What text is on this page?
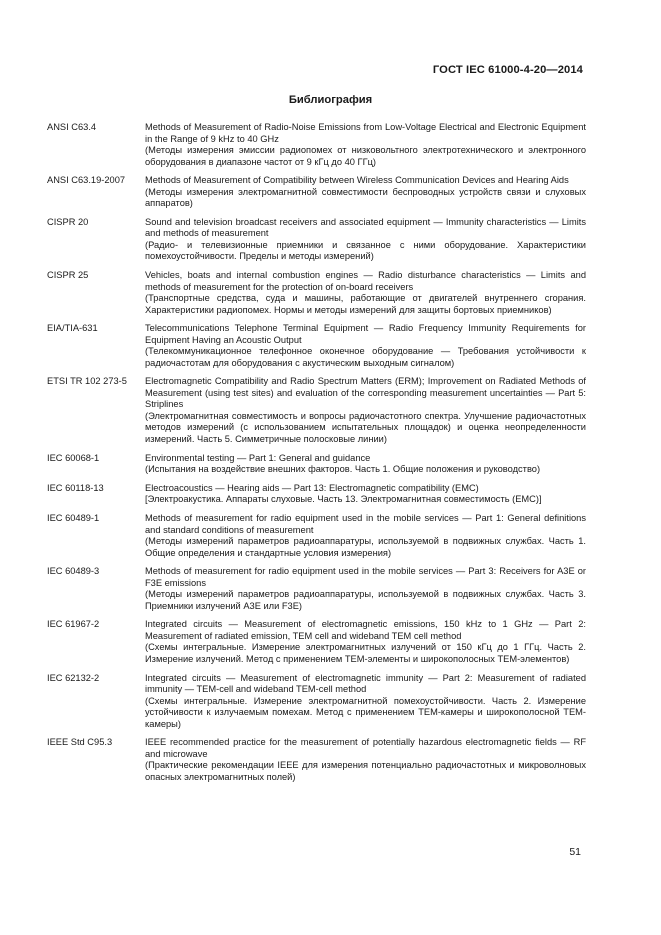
ГОСТ IEC 61000-4-20—2014
Библиография
ANSI C63.4	Methods of Measurement of Radio-Noise Emissions from Low-Voltage Electrical and Electronic Equipment in the Range of 9 kHz to 40 GHz
(Методы измерения эмиссии радиопомех от низковольтного электротехнического и электронного оборудования в диапазоне частот от 9 кГц до 40 ГГц)
ANSI C63.19-2007	Methods of Measurement of Compatibility between Wireless Communication Devices and Hearing Aids
(Методы измерения электромагнитной совместимости беспроводных устройств связи и слуховых аппаратов)
CISPR 20	Sound and television broadcast receivers and associated equipment — Immunity characteristics — Limits and methods of measurement
(Радио- и телевизионные приемники и связанное с ними оборудование. Характеристики помехоустойчивости. Пределы и методы измерений)
CISPR 25	Vehicles, boats and internal combustion engines — Radio disturbance characteristics — Limits and methods of measurement for the protection of on-board receivers
(Транспортные средства, суда и машины, работающие от двигателей внутреннего сгорания. Характеристики радиопомех. Нормы и методы измерений для защиты бортовых приемников)
EIA/TIA-631	Telecommunications Telephone Terminal Equipment — Radio Frequency Immunity Requirements for Equipment Having an Acoustic Output
(Телекоммуникационное телефонное оконечное оборудование — Требования устойчивости к радиочастотам для оборудования с акустическим выходным сигналом)
ETSI TR 102 273-5	Electromagnetic Compatibility and Radio Spectrum Matters (ERM); Improvement on Radiated Methods of Measurement (using test sites) and evaluation of the corresponding measurement uncertainties — Part 5: Striplines
(Электромагнитная совместимость и вопросы радиочастотного спектра. Улучшение радиочастотных методов измерений (с использованием испытательных площадок) и оценка неопределенности измерений. Часть 5. Симметричные полосковые линии)
IEC 60068-1	Environmental testing — Part 1: General and guidance
(Испытания на воздействие внешних факторов. Часть 1. Общие положения и руководство)
IEC 60118-13	Electroacoustics — Hearing aids — Part 13: Electromagnetic compatibility (EMC)
[Электроакустика. Аппараты слуховые. Часть 13. Электромагнитная совместимость (ЕМС)]
IEC 60489-1	Methods of measurement for radio equipment used in the mobile services — Part 1: General definitions and standard conditions of measurement
(Методы измерений параметров радиоаппаратуры, используемой в подвижных службах. Часть 1. Общие определения и стандартные условия измерения)
IEC 60489-3	Methods of measurement for radio equipment used in the mobile services — Part 3: Receivers for A3E or F3E emissions
(Методы измерений параметров радиоаппаратуры, используемой в подвижных службах. Часть 3. Приемники излучений А3Е или F3E)
IEC 61967-2	Integrated circuits — Measurement of electromagnetic emissions, 150 kHz to 1 GHz — Part 2: Measurement of radiated emission, TEM cell and wideband TEM cell method
(Схемы интегральные. Измерение электромагнитных излучений от 150 кГц до 1 ГГц. Часть 2. Измерение излучений. Метод с применением ТЕМ-элементы и широкополосных ТЕМ-элементов)
IEC 62132-2	Integrated circuits — Measurement of electromagnetic immunity — Part 2: Measurement of radiated immunity — TEM-cell and wideband TEM-cell method
(Схемы интегральные. Измерение электромагнитной помехоустойчивости. Часть 2. Измерение устойчивости к излучаемым помехам. Метод с применением ТЕМ-камеры и широкополосной ТЕМ-камеры)
IEEE Std C95.3	IEEE recommended practice for the measurement of potentially hazardous electromagnetic fields — RF and microwave
(Практические рекомендации IEEE для измерения потенциально радиочастотных и микроволновых опасных электромагнитных полей)
51
